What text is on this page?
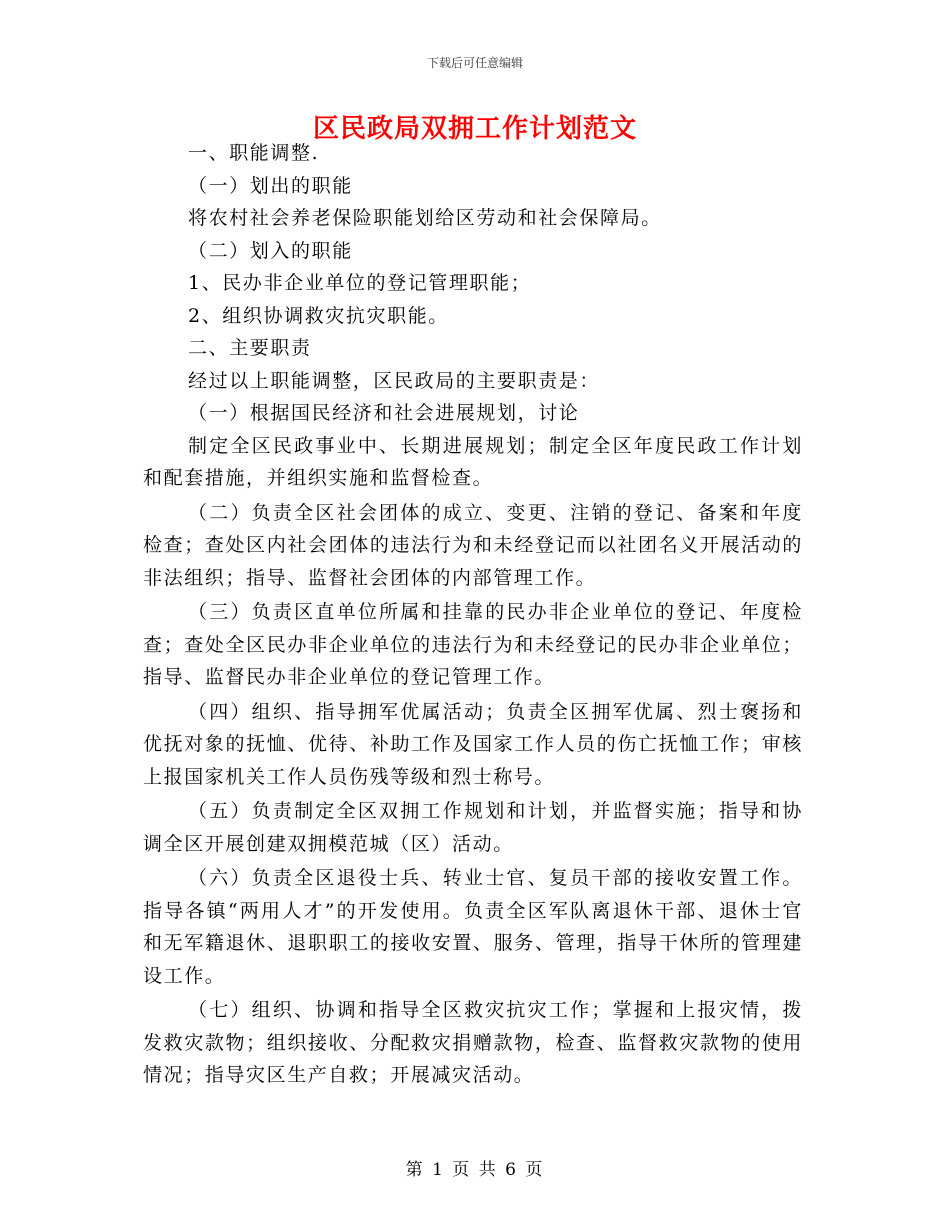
下载后可任意编辑
区民政局双拥工作计划范文

一、职能调整.

（一）划出的职能

将农村社会养老保险职能划给区劳动和社会保障局。

（二）划入的职能

1、民办非企业单位的登记管理职能；

2、组织协调救灾抗灾职能。

二、主要职责

经过以上职能调整，区民政局的主要职责是：

（一）根据国民经济和社会进展规划，讨论

制定全区民政事业中、长期进展规划；制定全区年度民政工作计划和配套措施，并组织实施和监督检查。

（二）负责全区社会团体的成立、变更、注销的登记、备案和年度检查；查处区内社会团体的违法行为和未经登记而以社团名义开展活动的非法组织；指导、监督社会团体的内部管理工作。

（三）负责区直单位所属和挂靠的民办非企业单位的登记、年度检查；查处全区民办非企业单位的违法行为和未经登记的民办非企业单位；指导、监督民办非企业单位的登记管理工作。

（四）组织、指导拥军优属活动；负责全区拥军优属、烈士褒扬和优抚对象的抚恤、优待、补助工作及国家工作人员的伤亡抚恤工作；审核上报国家机关工作人员伤残等级和烈士称号。

（五）负责制定全区双拥工作规划和计划，并监督实施；指导和协调全区开展创建双拥模范城（区）活动。

（六）负责全区退役士兵、转业士官、复员干部的接收安置工作。指导各镇“两用人才”的开发使用。负责全区军队离退休干部、退休士官和无军籍退休、退职职工的接收安置、服务、管理，指导干休所的管理建设工作。

（七）组织、协调和指导全区救灾抗灾工作；掌握和上报灾情，拨发救灾款物；组织接收、分配救灾捐赠款物，检查、监督救灾款物的使用情况；指导灾区生产自救；开展减灾活动。

第 1 页 共 6 页
